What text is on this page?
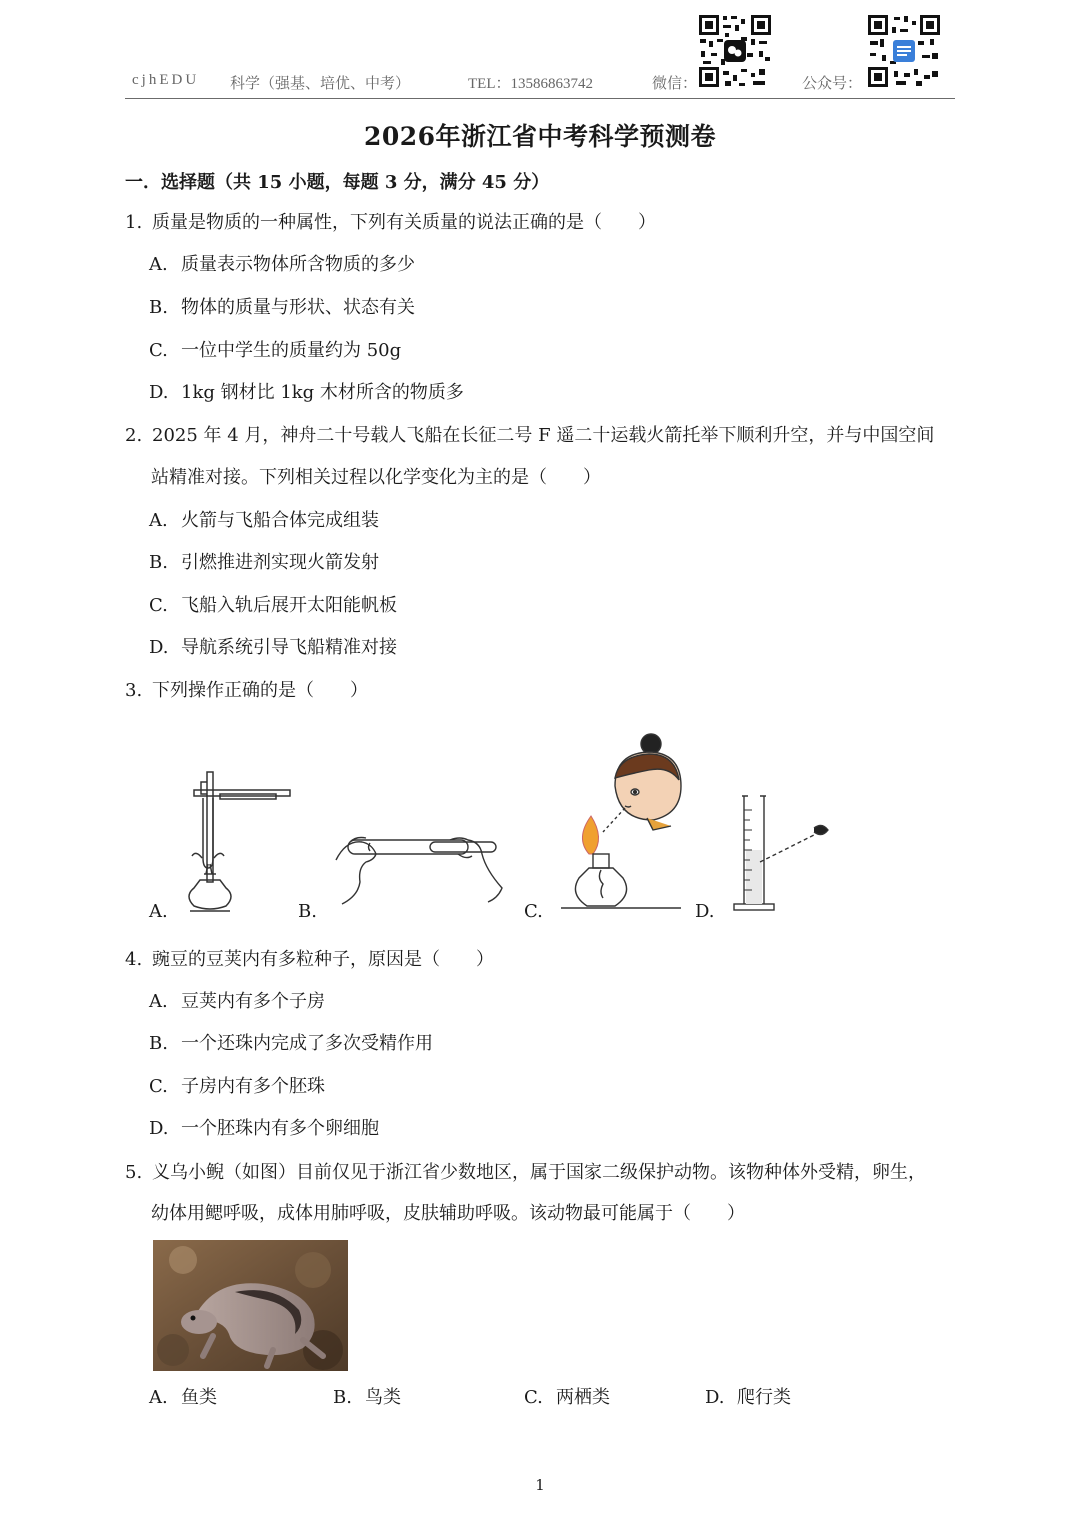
cjhEDU 科学（强基、培优、中考）	TEL：13586863742	微信：	公众号：
2026年浙江省中考科学预测卷
一．选择题（共 15 小题，每题 3 分，满分 45 分）
1. 质量是物质的一种属性，下列有关质量的说法正确的是（　　）
A. 质量表示物体所含物质的多少
B. 物体的质量与形状、状态有关
C. 一位中学生的质量约为 50g
D. 1kg 钢材比 1kg 木材所含的物质多
2. 2025 年 4 月，神舟二十号载人飞船在长征二号 F 遥二十运载火箭托举下顺利升空，并与中国空间
站精准对接。下列相关过程以化学变化为主的是（　　）
A. 火箭与飞船合体完成组装
B. 引燃推进剂实现火箭发射
C. 飞船入轨后展开太阳能帆板
D. 导航系统引导飞船精准对接
3. 下列操作正确的是（　　）
A.	B.	C.	D.
4. 豌豆的豆荚内有多粒种子，原因是（　　）
A. 豆荚内有多个子房
B. 一个还珠内完成了多次受精作用
C. 子房内有多个胚珠
D. 一个胚珠内有多个卵细胞
5. 义乌小鲵（如图）目前仅见于浙江省少数地区，属于国家二级保护动物。该物种体外受精，卵生，
幼体用鳃呼吸，成体用肺呼吸，皮肤辅助呼吸。该动物最可能属于（　　）
A. 鱼类	B. 鸟类	C. 两栖类	D. 爬行类
1
